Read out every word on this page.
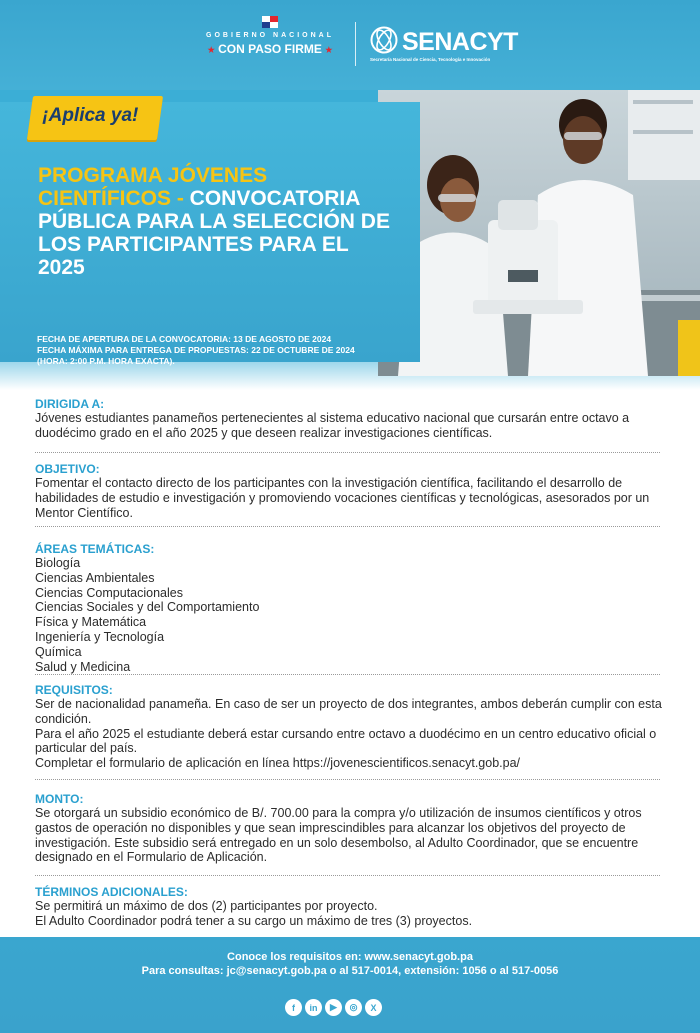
GOBIERNO NACIONAL
★ CON PASO FIRME ★	SENACYT
Secretaría Nacional de Ciencia, Tecnología e Innovación
¡Aplica ya!
PROGRAMA JÓVENES CIENTÍFICOS - CONVOCATORIA PÚBLICA PARA LA SELECCIÓN DE LOS PARTICIPANTES PARA EL 2025
FECHA DE APERTURA DE LA CONVOCATORIA: 13 DE AGOSTO DE 2024
FECHA MÁXIMA PARA ENTREGA DE PROPUESTAS: 22 DE OCTUBRE DE 2024
(HORA: 2:00 P.M. HORA EXACTA).
DIRIGIDA A:

Jóvenes estudiantes panameños pertenecientes al sistema educativo nacional que cursarán entre octavo a duodécimo grado en el año 2025 y que deseen realizar investigaciones científicas.

OBJETIVO:

Fomentar el contacto directo de los participantes con la investigación científica, facilitando el desarrollo de habilidades de estudio e investigación y promoviendo vocaciones científicas y tecnológicas, asesorados por un Mentor Científico.

ÁREAS TEMÁTICAS:
Biología
Ciencias Ambientales
Ciencias Computacionales
Ciencias Sociales y del Comportamiento
Física y Matemática
Ingeniería y Tecnología
Química
Salud y Medicina
REQUISITOS:

Ser de nacionalidad panameña. En caso de ser un proyecto de dos integrantes, ambos deberán cumplir con esta condición.

Para el año 2025 el estudiante deberá estar cursando entre octavo a duodécimo en un centro educativo oficial o particular del país.

Completar el formulario de aplicación en línea https://jovenescientificos.senacyt.gob.pa/

MONTO:

Se otorgará un subsidio económico de B/. 700.00 para la compra y/o utilización de insumos científicos y otros gastos de operación no disponibles y que sean imprescindibles para alcanzar los objetivos del proyecto de investigación. Este subsidio será entregado en un solo desembolso, al Adulto Coordinador, que se encuentre designado en el Formulario de Aplicación.

TÉRMINOS ADICIONALES:

Se permitirá un máximo de dos (2) participantes por proyecto.

El Adulto Coordinador podrá tener a su cargo un máximo de tres (3) proyectos.

Conoce los requisitos en: www.senacyt.gob.pa
Para consultas: jc@senacyt.gob.pa o al 517-0014, extensión: 1056 o al 517-0056
f	in	▶	◎	X
